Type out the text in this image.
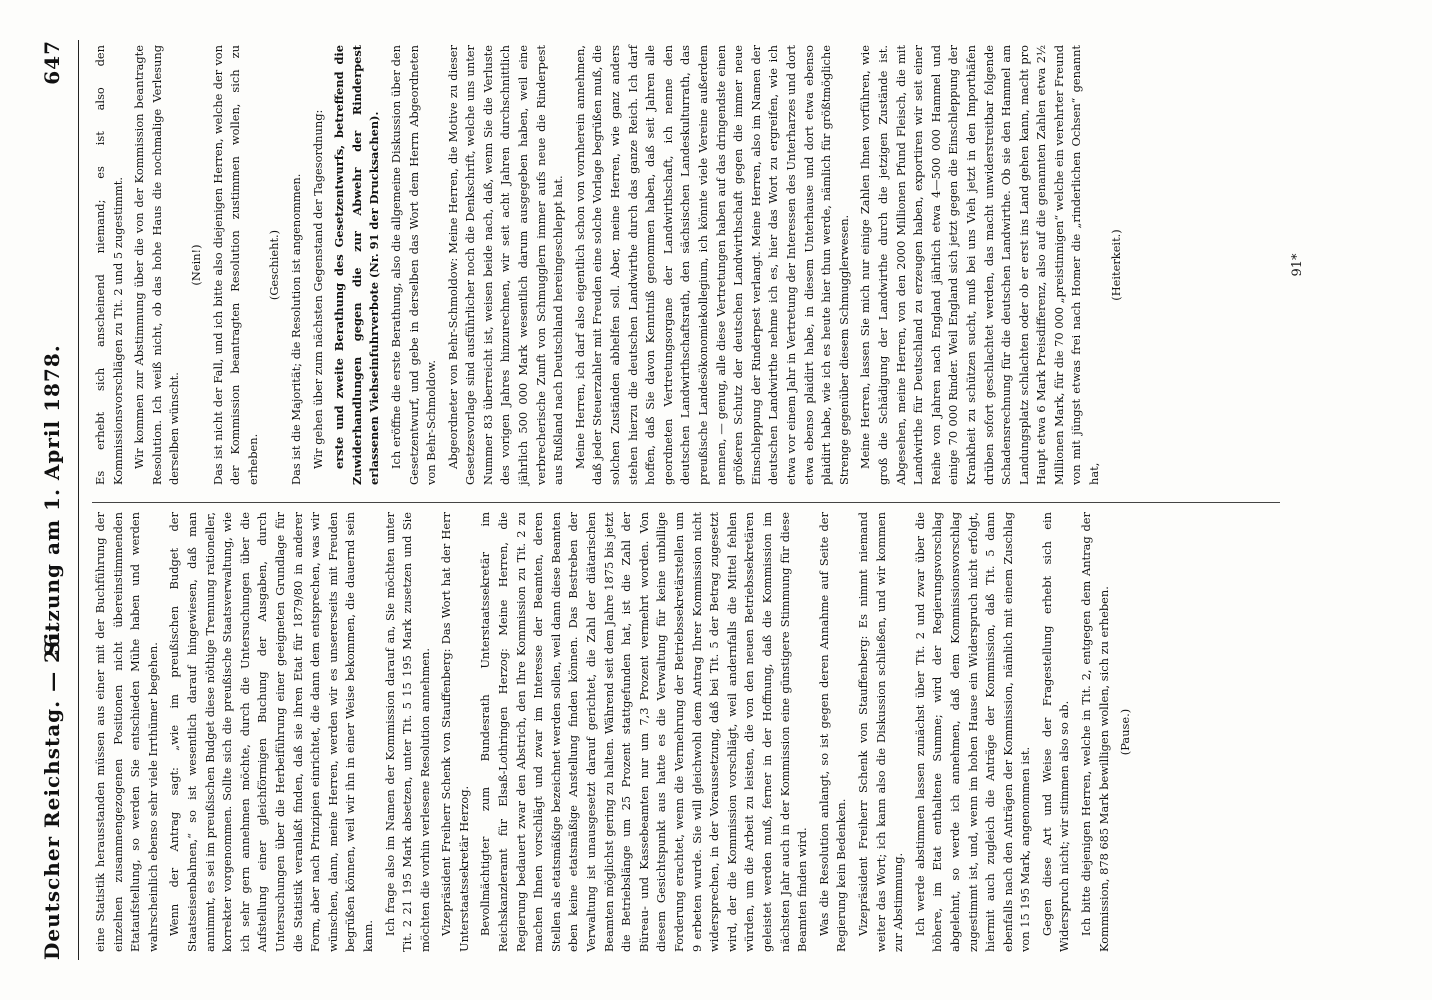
Deutscher Reichstag. — 26.
Sitzung am 1. April 1878.
647

eine Statistik herausstanden müssen aus einer mit der Buchführung der einzelnen zusammengezogenen Positionen nicht übereinstimmenden Etataufstellung, so werden Sie entschieden Mühe haben und werden wahrscheinlich ebenso sehr viele Irrthümer begehen. Wenn der Antrag sagt: „wie im preußischen Budget der Staatseisenbahnen,“ so ist wesentlich darauf hingewiesen, daß man annimmt, es sei im preußischen Budget diese nöthige Trennung rationeller, korrekter vorgenommen. Sollte sich die preußische Staatsverwaltung, wie ich sehr gern annehmen möchte, durch die Untersuchungen über die Aufstellung einer gleichförmigen Buchung der Ausgaben, durch Untersuchungen über die Herbeiführung einer geeigneten Grundlage für die Statistik veranlaßt finden, daß sie ihren Etat für 1879/80 in anderer Form, aber nach Prinzipien einrichtet, die dann dem entsprechen, was wir wünschen, dann, meine Herren, werden wir es unsererseits mit Freuden begrüßen können, weil wir ihn in einer Weise bekommen, die dauernd sein kann. Ich frage also im Namen der Kommission darauf an, Sie möchten unter Tit. 2 21 195 Mark absetzen, unter Tit. 5 15 195 Mark zusetzen und Sie möchten die vorhin verlesene Resolution annehmen. Vizepräsident Freiherr Schenk von Stauffenberg: Das Wort hat der Herr Unterstaatssekretär Herzog. Bevollmächtigter zum Bundesrath Unterstaatssekretär im Reichskanzleramt für Elsaß-Lothringen Herzog: Meine Herren, die Regierung bedauert zwar den Abstrich, den Ihre Kommission zu Tit. 2 zu machen Ihnen vorschlägt und zwar im Interesse der Beamten, deren Stellen als etatsmäßige bezeichnet werden sollen, weil dann diese Beamten eben keine etatsmäßige Anstellung finden können. Das Bestreben der Verwaltung ist unausgesetzt darauf gerichtet, die Zahl der diätarischen Beamten möglichst gering zu halten. Während seit dem Jahre 1875 bis jetzt die Betriebslänge um 25 Prozent stattgefunden hat, ist die Zahl der Büreau- und Kassebeamten nur um 7,3 Prozent vermehrt worden. Von diesem Gesichtspunkt aus hatte es die Verwaltung für keine unbillige Forderung erachtet, wenn die Vermehrung der Betriebssekretärstellen um 9 erbeten wurde. Sie will gleichwohl dem Antrag Ihrer Kommission nicht widersprechen, in der Voraussetzung, daß bei Tit. 5 der Betrag zugesetzt wird, der die Kommission vorschlägt, weil andernfalls die Mittel fehlen würden, um die Arbeit zu leisten, die von den neuen Betriebssekretären geleistet werden muß, ferner in der Hoffnung, daß die Kommission im nächsten Jahr auch in der Kommission eine günstigere Stimmung für diese Beamten finden wird. Was die Resolution anlangt, so ist gegen deren Annahme auf Seite der Regierung kein Bedenken. Vizepräsident Freiherr Schenk von Stauffenberg: Es nimmt niemand weiter das Wort; ich kann also die Diskussion schließen, und wir kommen zur Abstimmung. Ich werde abstimmen lassen zunächst über Tit. 2 und zwar über die höhere, im Etat enthaltene Summe; wird der Regierungsvorschlag abgelehnt, so werde ich annehmen, daß dem Kommissionsvorschlag zugestimmt ist, und, wenn im hohen Hause ein Widerspruch nicht erfolgt, hiermit auch zugleich die Anträge der Kommission, daß Tit. 5 dann ebenfalls nach den Anträgen der Kommission, nämlich mit einem Zuschlag von 15 195 Mark, angenommen ist. Gegen diese Art und Weise der Fragestellung erhebt sich ein Widerspruch nicht; wir stimmen also so ab. Ich bitte diejenigen Herren, welche in Tit. 2, entgegen dem Antrag der Kommission, 878 685 Mark bewilligen wollen, sich zu erheben. (Pause.)

Es erhebt sich anscheinend niemand; es ist also den Kommissionsvorschlägen zu Tit. 2 und 5 zugestimmt. Wir kommen zur Abstimmung über die von der Kommission beantragte Resolution. Ich weiß nicht, ob das hohe Haus die nochmalige Verlesung derselben wünscht.

(Nein!) Das ist nicht der Fall, und ich bitte also diejenigen Herren, welche der von der Kommission beantragten Resolution zustimmen wollen, sich zu erheben.

(Geschieht.) Das ist die Majorität; die Resolution ist angenommen. Wir gehen über zum nächsten Gegenstand der Tagesordnung: erste und zweite Berathung des Gesetzentwurfs, betreffend die Zuwiderhandlungen gegen die zur Abwehr der Rinderpest erlassenen Viehseinfuhrverbote (Nr. 91 der Drucksachen). Ich eröffne die erste Berathung, also die allgemeine Diskussion über den Gesetzentwurf, und gebe in derselben das Wort dem Herrn Abgeordneten von Behr-Schmoldow. Abgeordneter von Behr-Schmoldow: Meine Herren, die Motive zu dieser Gesetzesvorlage sind ausführlicher noch die Denkschrift, welche uns unter Nummer 83 überreicht ist, weisen beide nach, daß, wenn Sie die Verluste des vorigen Jahres hinzurechnen, wir seit acht Jahren durchschnittlich jährlich 500 000 Mark wesentlich darum ausgegeben haben, weil eine verbrecherische Zunft von Schmugglern immer aufs neue die Rinderpest aus Rußland nach Deutschland hereingeschleppt hat. Meine Herren, ich darf also eigentlich schon von vornherein annehmen, daß jeder Steuerzahler mit Freuden eine solche Vorlage begrüßen muß, die solchen Zuständen abhelfen soll. Aber, meine Herren, wie ganz anders stehen hierzu die deutschen Landwirthe durch das ganze Reich. Ich darf hoffen, daß Sie davon Kenntniß genommen haben, daß seit Jahren alle geordneten Vertretungsorgane der Landwirthschaft, ich nenne den deutschen Landwirthschaftsrath, den sächsischen Landeskulturrath, das preußische Landesökonomiekollegium, ich könnte viele Vereine außerdem nennen, — genug, alle diese Vertretungen haben auf das dringendste einen größeren Schutz der deutschen Landwirthschaft gegen die immer neue Einschleppung der Rinderpest verlangt. Meine Herren, also im Namen der deutschen Landwirthe nehme ich es, hier das Wort zu ergreifen, wie ich etwa vor einem Jahr in Vertretung der Interessen des Unterharzes und dort etwa ebenso plaidirt habe, in diesem Unterhause und dort etwa ebenso plaidirt habe, wie ich es heute hier thun werde, nämlich für größtmögliche Strenge gegenüber diesem Schmugglerwesen. Meine Herren, lassen Sie mich nur einige Zahlen Ihnen vorführen, wie groß die Schädigung der Landwirthe durch die jetzigen Zustände ist. Abgesehen, meine Herren, von den 2000 Millionen Pfund Fleisch, die mit Landwirthe für Deutschland zu erzeugen haben, exportiren wir seit einer Reihe von Jahren nach England jährlich etwa 4—500 000 Hammel und einige 70 000 Rinder. Weil England sich jetzt gegen die Einschleppung der Krankheit zu schützen sucht, muß bei uns Vieh jetzt in den Importhäfen drüben sofort geschlachtet werden, das macht unwiderstreitbar folgende Schadensrechnung für die deutschen Landwirthe. Ob sie den Hammel am Landungsplatz schlachten oder ob er erst ins Land gehen kann, macht pro Haupt etwa 6 Mark Preisdifferenz, also auf die genannten Zahlen etwa 2½ Millionen Mark, für die 70 000 „preistinnigen“ welche ein verehrter Freund von mit jüngst etwas frei nach Homer die „rinderlichen Ochsen“ genannt hat,

(Heiterkeit.)	91*
